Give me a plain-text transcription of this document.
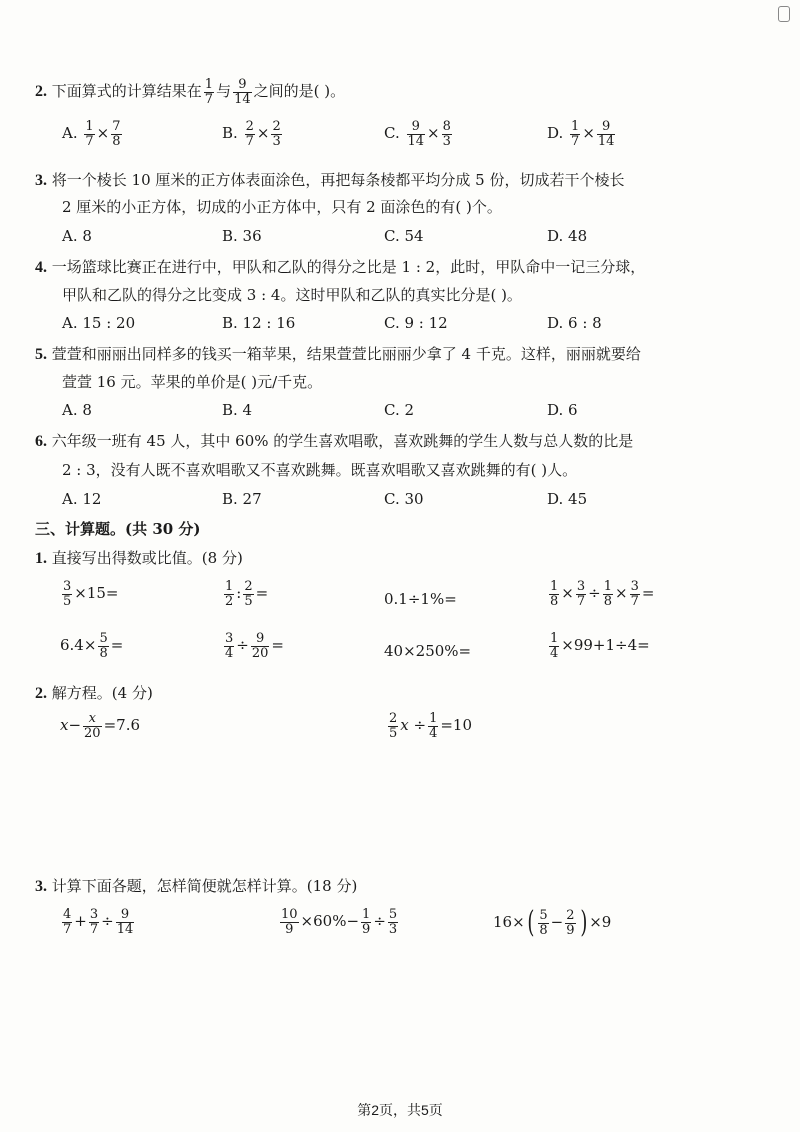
2. 下面算式的计算结果在 $\frac{1}{7}$ 与 $\frac{9}{14}$ 之间的是( )。
A. $\frac{1}{7} \times \frac{7}{8}$	B. $\frac{2}{7} \times \frac{2}{3}$	C. $\frac{9}{14} \times \frac{8}{3}$	D. $\frac{1}{7} \times \frac{9}{14}$
3. 将一个棱长 10 厘米的正方体表面涂色，再把每条棱都平均分成 5 份，切成若干个棱长
2 厘米的小正方体，切成的小正方体中，只有 2 面涂色的有( )个。
A. 8	B. 36	C. 54	D. 48
4. 一场篮球比赛正在进行中，甲队和乙队的得分之比是 1 : 2，此时，甲队命中一记三分球，
甲队和乙队的得分之比变成 3 : 4。这时甲队和乙队的真实比分是( )。
A. 15 : 20	B. 12 : 16	C. 9 : 12	D. 6 : 8
5. 萱萱和丽丽出同样多的钱买一箱苹果，结果萱萱比丽丽少拿了 4 千克。这样，丽丽就要给
萱萱 16 元。苹果的单价是( )元/千克。
A. 8	B. 4	C. 2	D. 6
6. 六年级一班有 45 人，其中 60% 的学生喜欢唱歌，喜欢跳舞的学生人数与总人数的比是
2 : 3，没有人既不喜欢唱歌又不喜欢跳舞。既喜欢唱歌又喜欢跳舞的有( )人。
A. 12	B. 27	C. 30	D. 45
三、计算题。(共 30 分)
1. 直接写出得数或比值。(8 分)
$\frac{3}{5} \times 15=$	$\frac{1}{2}$ : $\frac{2}{5}$ =	0.1÷1%=	$\frac{1}{8} \times \frac{3}{7} \div \frac{1}{8} \times \frac{3}{7}$ =
$6.4\times \frac{5}{8}$ =	$\frac{3}{4} \div \frac{9}{20}$ =	40×250%=	$\frac{1}{4} \times 99+1\div 4=$
2. 解方程。(4 分)
$x- \frac{x}{20} =7.6$	$\frac{2}{5}$ $x \div \frac{1}{4} =10$
3. 计算下面各题，怎样简便就怎样计算。(18 分)
$\frac{4}{7} + \frac{3}{7} \div \frac{9}{14}$	$\frac{10}{9} \times 60\%- \frac{1}{9} \div \frac{5}{3}$	$16\times( \frac{5}{8} - \frac{2}{9}$ ) ×9
第2页，共5页
